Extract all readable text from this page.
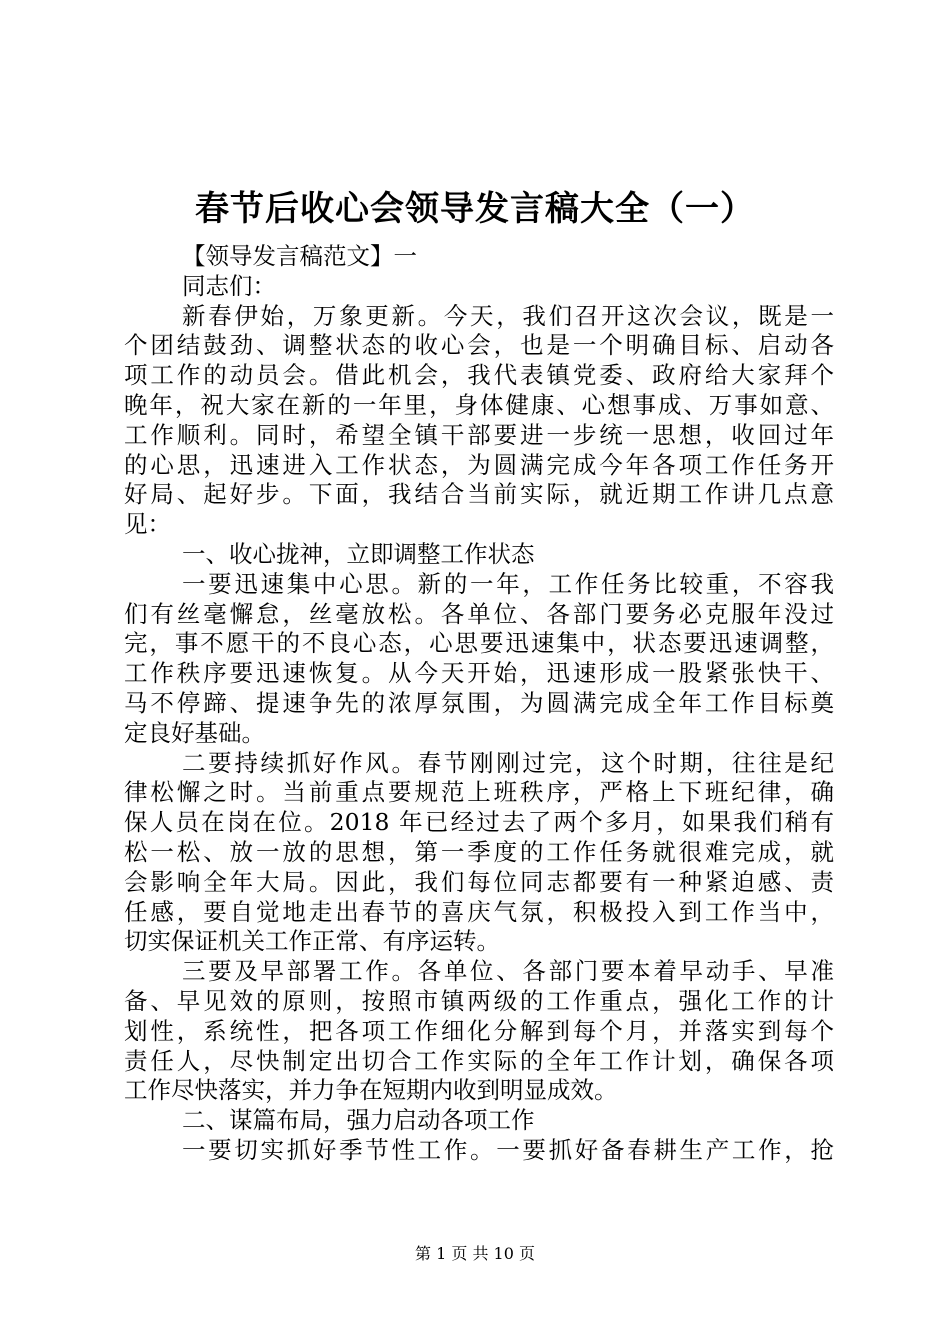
春节后收心会领导发言稿大全（一）
【领导发言稿范文】一
同志们：
新春伊始，万象更新。今天，我们召开这次会议，既是一
个团结鼓劲、调整状态的收心会，也是一个明确目标、启动各
项工作的动员会。借此机会，我代表镇党委、政府给大家拜个
晚年，祝大家在新的一年里，身体健康、心想事成、万事如意、
工作顺利。同时，希望全镇干部要进一步统一思想，收回过年
的心思，迅速进入工作状态，为圆满完成今年各项工作任务开
好局、起好步。下面，我结合当前实际，就近期工作讲几点意
见：
一、收心拢神，立即调整工作状态
一要迅速集中心思。新的一年，工作任务比较重，不容我
们有丝毫懈怠，丝毫放松。各单位、各部门要务必克服年没过
完，事不愿干的不良心态，心思要迅速集中，状态要迅速调整，
工作秩序要迅速恢复。从今天开始，迅速形成一股紧张快干、
马不停蹄、提速争先的浓厚氛围，为圆满完成全年工作目标奠
定良好基础。
二要持续抓好作风。春节刚刚过完，这个时期，往往是纪
律松懈之时。当前重点要规范上班秩序，严格上下班纪律，确
保人员在岗在位。2018 年已经过去了两个多月，如果我们稍有
松一松、放一放的思想，第一季度的工作任务就很难完成，就
会影响全年大局。因此，我们每位同志都要有一种紧迫感、责
任感，要自觉地走出春节的喜庆气氛，积极投入到工作当中，
切实保证机关工作正常、有序运转。
三要及早部署工作。各单位、各部门要本着早动手、早准
备、早见效的原则，按照市镇两级的工作重点，强化工作的计
划性，系统性，把各项工作细化分解到每个月，并落实到每个
责任人，尽快制定出切合工作实际的全年工作计划，确保各项
工作尽快落实，并力争在短期内收到明显成效。
二、谋篇布局，强力启动各项工作
一要切实抓好季节性工作。一要抓好备春耕生产工作，抢
第 1 页 共 10 页
